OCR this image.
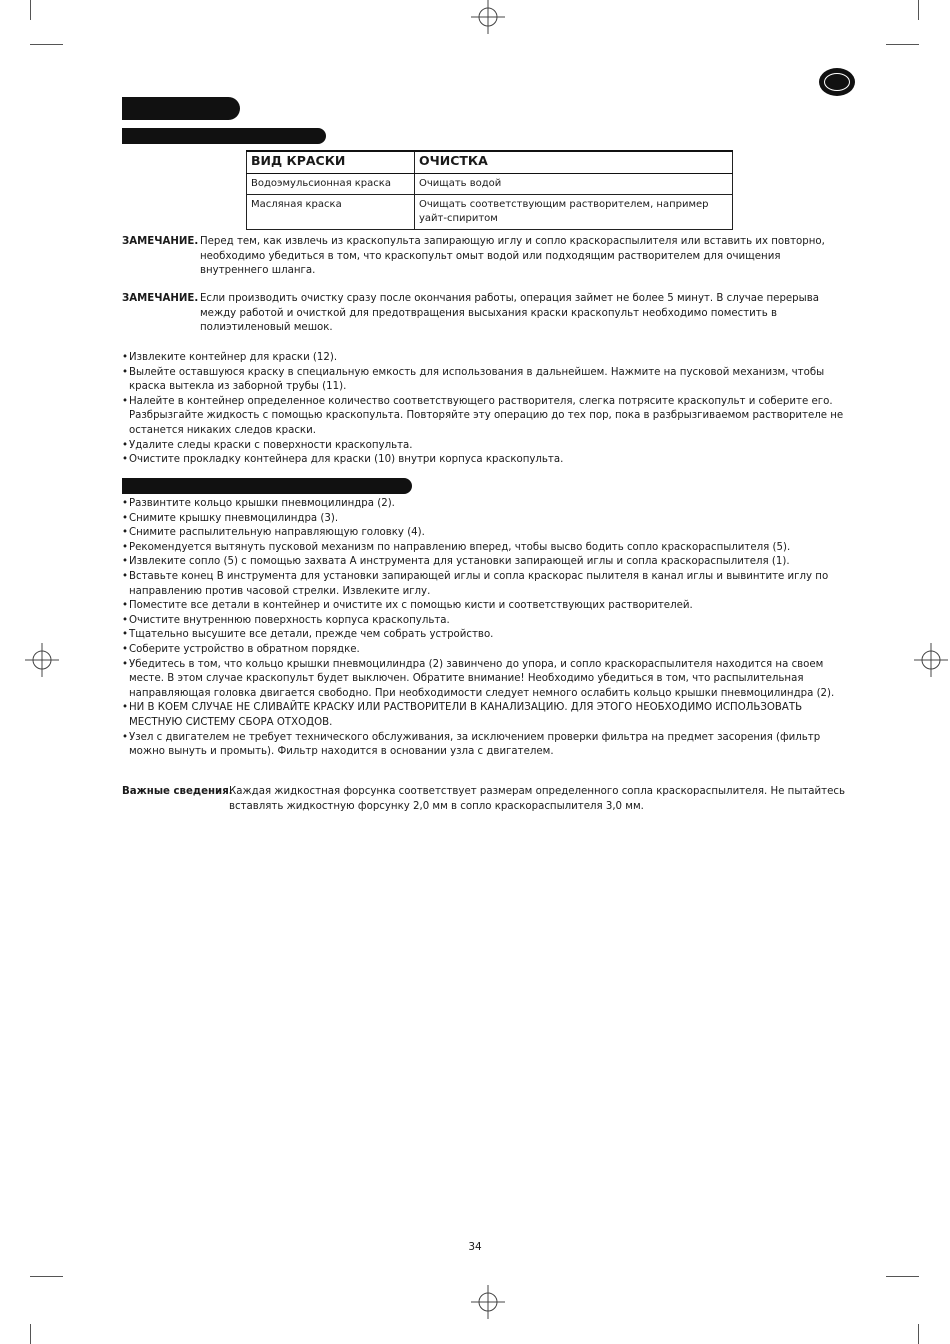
ВИД КРАСКИ	ОЧИСТКА
Водоэмульсионная краска	Очищать водой
Масляная краска	Очищать соответствующим растворителем, например уайт-спиритом
ЗАМЕЧАНИЕ. Перед тем, как извлечь из краскопульта запирающую иглу и сопло краскораспылителя или вставить их повторно, необходимо убедиться в том, что краскопульт омыт водой или подходящим растворителем для очищения внутреннего шланга.
ЗАМЕЧАНИЕ. Если производить очистку сразу после окончания работы, операция займет не более 5 минут. В случае перерыва между работой и очисткой для предотвращения высыхания краски краскопульт необходимо поместить в полиэтиленовый мешок.
• Извлеките контейнер для краски (12).
• Вылейте оставшуюся краску в специальную емкость для использования в дальнейшем. Нажмите на пусковой механизм, чтобы краска вытекла из заборной трубы (11).
• Налейте в контейнер определенное количество соответствующего растворителя, слегка потрясите краскопульт и соберите его. Разбрызгайте жидкость с помощью краскопульта. Повторяйте эту операцию до тех пор, пока в разбрызгиваемом растворителе не останется никаких следов краски.
• Удалите следы краски с поверхности краскопульта.
• Очистите прокладку контейнера для краски (10) внутри корпуса краскопульта.
• Развинтите кольцо крышки пневмоцилиндра (2).
• Снимите крышку пневмоцилиндра (3).
• Снимите распылительную направляющую головку (4).
• Рекомендуется вытянуть пусковой механизм по направлению вперед, чтобы высво бодить сопло краскораспылителя (5).
• Извлеките сопло (5) с помощью захвата A инструмента для установки запирающей иглы и сопла краскораспылителя (1).
• Вставьте конец B инструмента для установки запирающей иглы и сопла краскорас пылителя в канал иглы и вывинтите иглу по направлению против часовой стрелки. Извлеките иглу.
• Поместите все детали в контейнер и очистите их с помощью кисти и соответствующих растворителей.
• Очистите внутреннюю поверхность корпуса краскопульта.
• Тщательно высушите все детали, прежде чем собрать устройство.
• Соберите устройство в обратном порядке.
• Убедитесь в том, что кольцо крышки пневмоцилиндра (2) завинчено до упора, и сопло краскораспылителя находится на своем месте. В этом случае краскопульт будет выключен. Обратите внимание! Необходимо убедиться в том, что распылительная направляющая головка двигается свободно. При необходимости следует немного ослабить кольцо крышки пневмоцилиндра (2).
• НИ В КОЕМ СЛУЧАЕ НЕ СЛИВАЙТЕ КРАСКУ ИЛИ РАСТВОРИТЕЛИ В КАНАЛИЗАЦИЮ. ДЛЯ ЭТОГО НЕОБХОДИМО ИСПОЛЬЗОВАТЬ МЕСТНУЮ СИСТЕМУ СБОРА ОТХОДОВ.
• Узел с двигателем не требует технического обслуживания, за исключением проверки фильтра на предмет засорения (фильтр можно вынуть и промыть). Фильтр находится в основании узла с двигателем.
Важные сведения.
Каждая жидкостная форсунка соответствует размерам определенного сопла краскораспылителя. Не пытайтесь вставлять жидкостную форсунку 2,0 мм в сопло краскораспылителя 3,0 мм.
34
